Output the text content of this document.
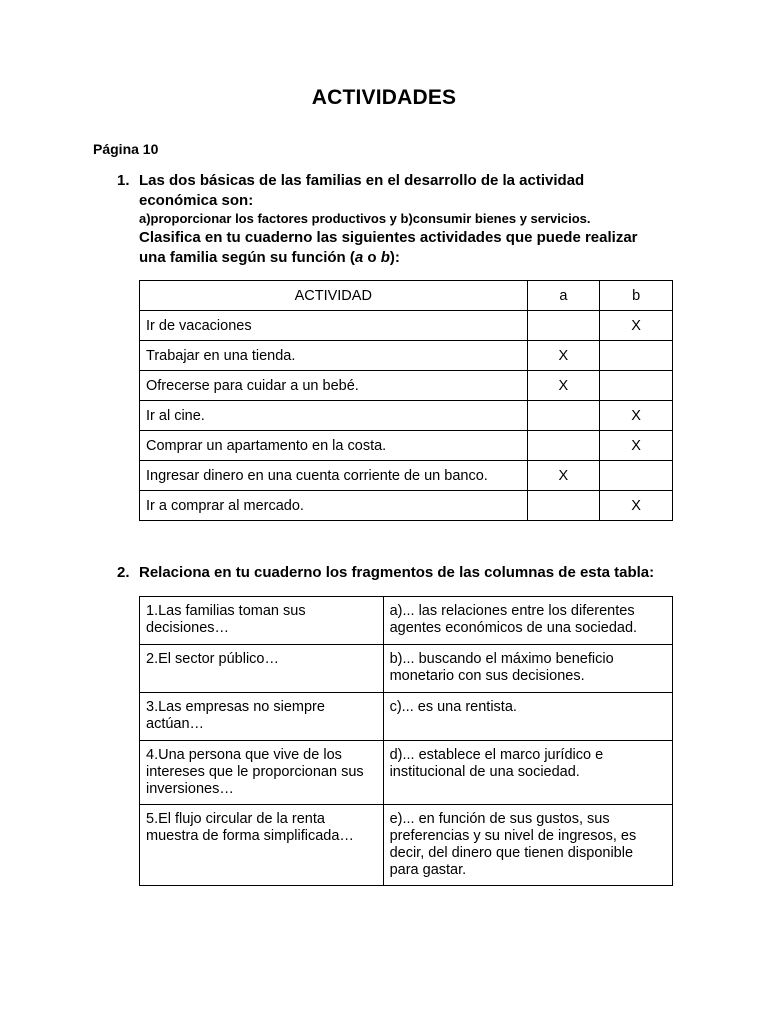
ACTIVIDADES
Página 10
1. Las dos básicas de las familias en el desarrollo de la actividad
económica son:
a)proporcionar los factores productivos y b)consumir bienes y servicios.
Clasifica en tu cuaderno las siguientes actividades que puede realizar
una familia según su función (a o b):
ACTIVIDAD	a	b
Ir de vacaciones		X
Trabajar en una tienda.	X	
Ofrecerse para cuidar a un bebé.	X	
Ir al cine.		X
Comprar un apartamento en la costa.		X
Ingresar dinero en una cuenta corriente de un banco.	X	
Ir a comprar al mercado.		X
2. Relaciona en tu cuaderno los fragmentos de las columnas de esta tabla:
1.Las familias toman sus decisiones…	a)... las relaciones entre los diferentes agentes económicos de una sociedad.
2.El sector público…	b)... buscando el máximo beneficio monetario con sus decisiones.
3.Las empresas no siempre actúan…	c)... es una rentista.
4.Una persona que vive de los intereses que le proporcionan sus inversiones…	d)... establece el marco jurídico e institucional de una sociedad.
5.El flujo circular de la renta muestra de forma simplificada…	e)... en función de sus gustos, sus preferencias y su nivel de ingresos, es decir, del dinero que tienen disponible para gastar.
